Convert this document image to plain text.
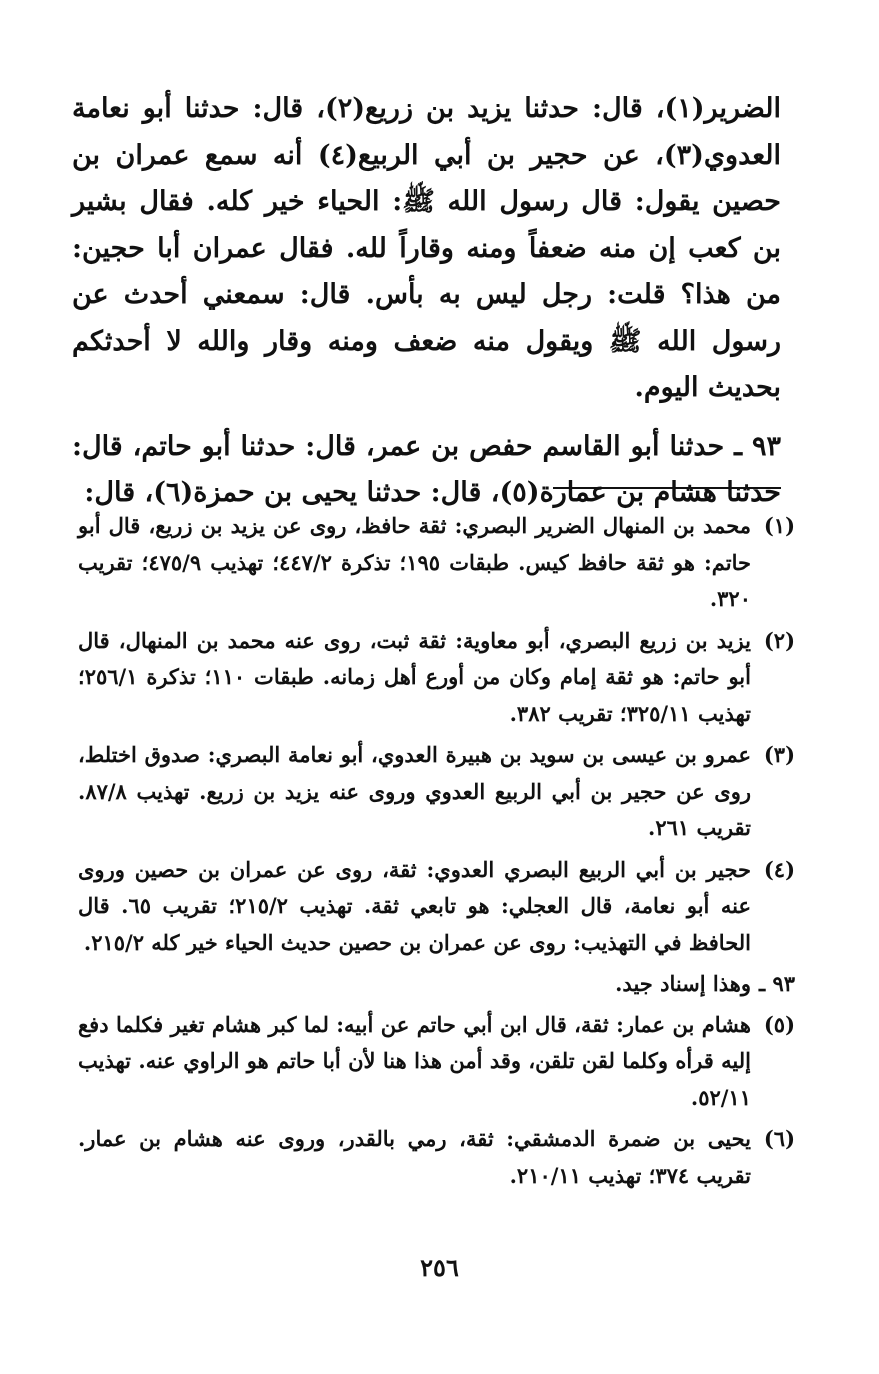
الضرير(١)، قال: حدثنا يزيد بن زريع(٢)، قال: حدثنا أبو نعامة العدوي(٣)، عن حجير بن أبي الربيع(٤) أنه سمع عمران بن حصين يقول: قال رسول الله ﷺ: الحياء خير كله. فقال بشير بن كعب إن منه ضعفاً ومنه وقاراً لله. فقال عمران أبا حجين: من هذا؟ قلت: رجل ليس به بأس. قال: سمعني أحدث عن رسول الله ﷺ ويقول منه ضعف ومنه وقار والله لا أحدثكم بحديث اليوم.

٩٣ ـ حدثنا أبو القاسم حفص بن عمر، قال: حدثنا أبو حاتم، قال: حدثنا هشام بن عمارة(٥)، قال: حدثنا يحيى بن حمزة(٦)، قال:

(١)
محمد بن المنهال الضرير البصري: ثقة حافظ، روى عن يزيد بن زريع، قال أبو حاتم: هو ثقة حافظ كيس. طبقات ١٩٥؛ تذكرة ٤٤٧/٢؛ تهذيب ٤٧٥/٩؛ تقريب ٣٢٠.
(٢)
يزيد بن زريع البصري، أبو معاوية: ثقة ثبت، روى عنه محمد بن المنهال، قال أبو حاتم: هو ثقة إمام وكان من أورع أهل زمانه. طبقات ١١٠؛ تذكرة ٢٥٦/١؛ تهذيب ٣٢٥/١١؛ تقريب ٣٨٢.
(٣)
عمرو بن عيسى بن سويد بن هبيرة العدوي، أبو نعامة البصري: صدوق اختلط، روى عن حجير بن أبي الربيع العدوي وروى عنه يزيد بن زريع. تهذيب ٨٧/٨. تقريب ٢٦١.
(٤)
حجير بن أبي الربيع البصري العدوي: ثقة، روى عن عمران بن حصين وروى عنه أبو نعامة، قال العجلي: هو تابعي ثقة. تهذيب ٢١٥/٢؛ تقريب ٦٥. قال الحافظ في التهذيب: روى عن عمران بن حصين حديث الحياء خير كله ٢١٥/٢.
٩٣ ـ
وهذا إسناد جيد.
(٥)
هشام بن عمار: ثقة، قال ابن أبي حاتم عن أبيه: لما كبر هشام تغير فكلما دفع إليه قرأه وكلما لقن تلقن، وقد أمن هذا هنا لأن أبا حاتم هو الراوي عنه. تهذيب ٥٢/١١.
(٦)
يحيى بن ضمرة الدمشقي: ثقة، رمي بالقدر، وروى عنه هشام بن عمار. تقريب ٣٧٤؛ تهذيب ٢١٠/١١.
٢٥٦
